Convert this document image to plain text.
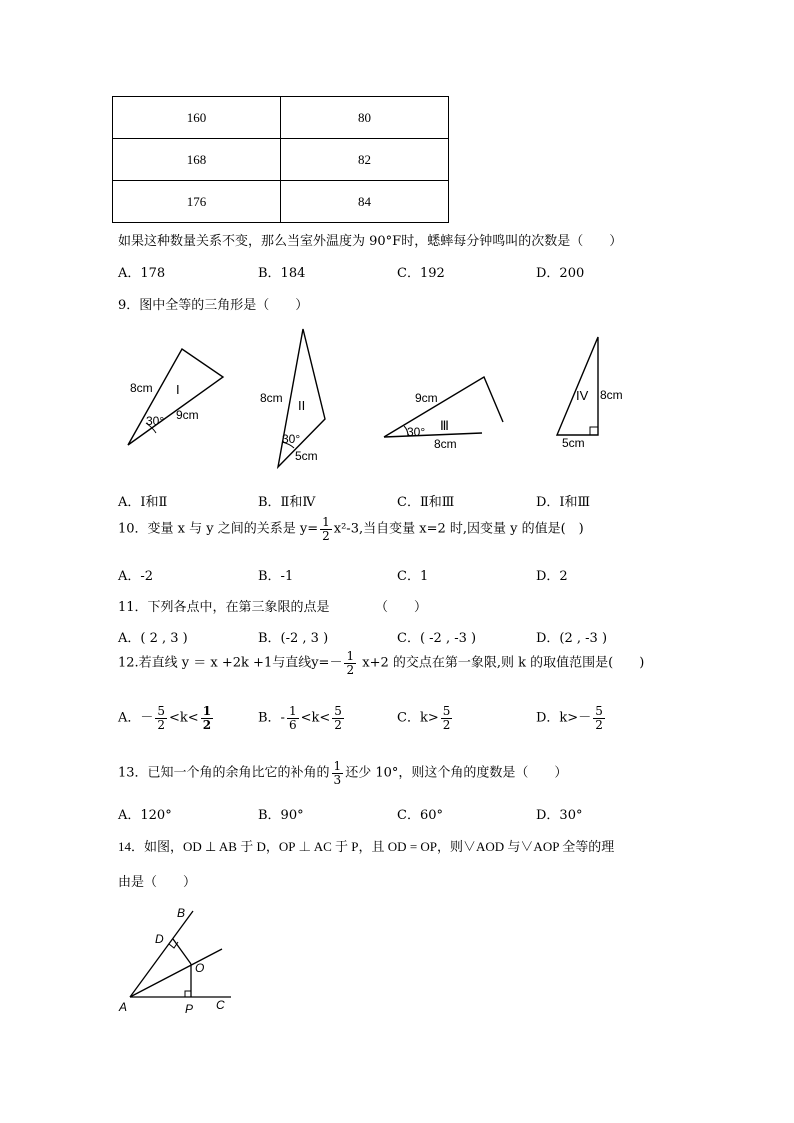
160	80
168	82
176	84
如果这种数量关系不变，那么当室外温度为 90°F时，蟋蟀每分钟鸣叫的次数是（　　）
A．178	B．184	C．192	D．200
9．图中全等的三角形是（　　）
8cm
9cm
30°
I
8cm
5cm
30°
II	9cm
8cm
30° Ⅲ
8cm
5cm
IV
A．Ⅰ和Ⅱ	B．Ⅱ和Ⅳ	C．Ⅱ和Ⅲ	D．Ⅰ和Ⅲ
10．变量 x 与 y 之间的关系是 $y= \frac{1}{2} x^2-3$,当自变量 x=2 时,因变量 y 的值是(　)
A．-2	B．-1	C．1	D．2
11．下列各点中，在第三象限的点是　　　　（　　）
A．( 2 , 3 )	B．(-2 , 3 )	C．( -2 , -3 )	D．(2 , -3 )
12.若直线 y ＝ x +2k +1与直线$y=- \frac{1}{2} x+2$ 的交点在第一象限,则 k 的取值范围是(　　)
A．－ $\frac{5}{2} <k< \frac{1}{2}$	B．- $\frac{1}{6} <k< \frac{5}{2}$	C．$k> \frac{5}{2}$	D．$k>- \frac{5}{2}$
13．已知一个角的余角比它的补角的 $\frac{1}{3}$ 还少 10°，则这个角的度数是（　　）
A．120°	B．90°	C．60°	D．30°
14．如图，OD ⊥ AB 于 D，OP ⊥ AC 于 P，且 OD = OP，则∨AOD 与∨AOP 全等的理
由是（　　）
A
B
C
D
O
P
